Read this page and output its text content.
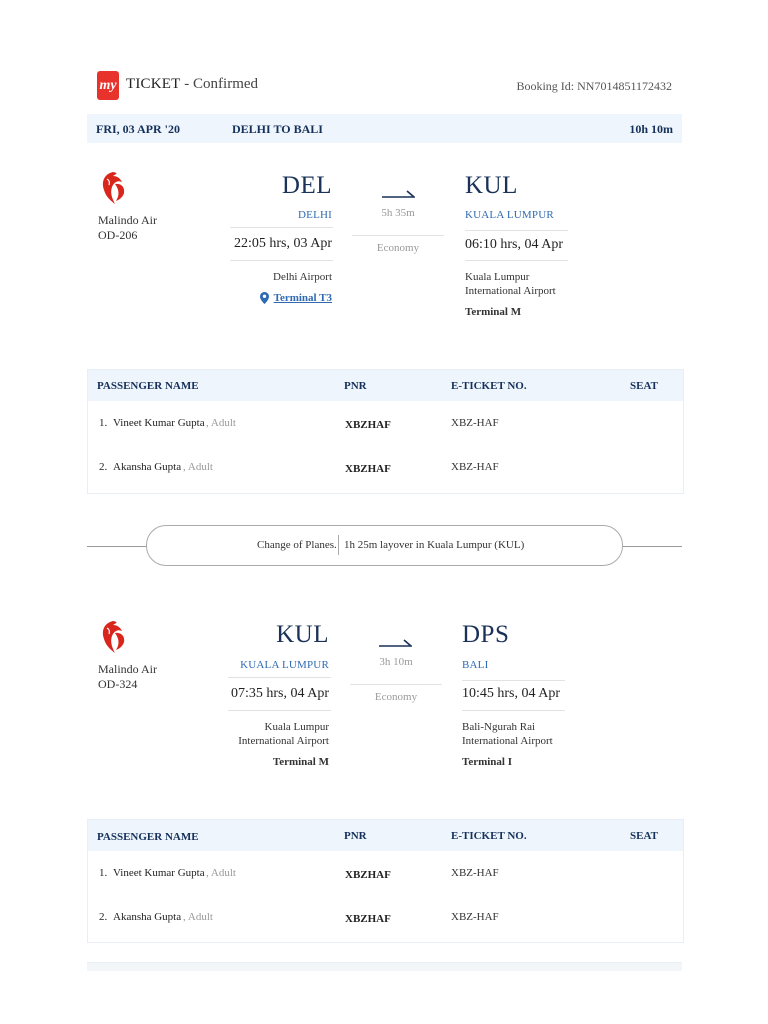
my TICKET - Confirmed	Booking Id: NN7014851172432
FRI, 03 APR '20	DELHI TO BALI	10h 10m
Malindo Air
OD-206
DEL
DELHI
22:05 hrs, 03 Apr
Delhi Airport
Terminal T3
5h 35m
Economy
KUL
KUALA LUMPUR
06:10 hrs, 04 Apr
Kuala Lumpur
International Airport
Terminal M
PASSENGER NAME	PNR	E-TICKET NO.	SEAT
1. Vineet Kumar Gupta , Adult	XBZHAF	XBZ-HAF
2. Akansha Gupta , Adult	XBZHAF	XBZ-HAF
Change of Planes. 1h 25m layover in Kuala Lumpur (KUL)
Malindo Air
OD-324
KUL
KUALA LUMPUR
07:35 hrs, 04 Apr
Kuala Lumpur
International Airport
Terminal M
3h 10m
Economy
DPS
BALI
10:45 hrs, 04 Apr
Bali-Ngurah Rai
International Airport
Terminal I
PASSENGER NAME	PNR	E-TICKET NO.	SEAT
1. Vineet Kumar Gupta , Adult	XBZHAF	XBZ-HAF
2. Akansha Gupta , Adult	XBZHAF	XBZ-HAF
